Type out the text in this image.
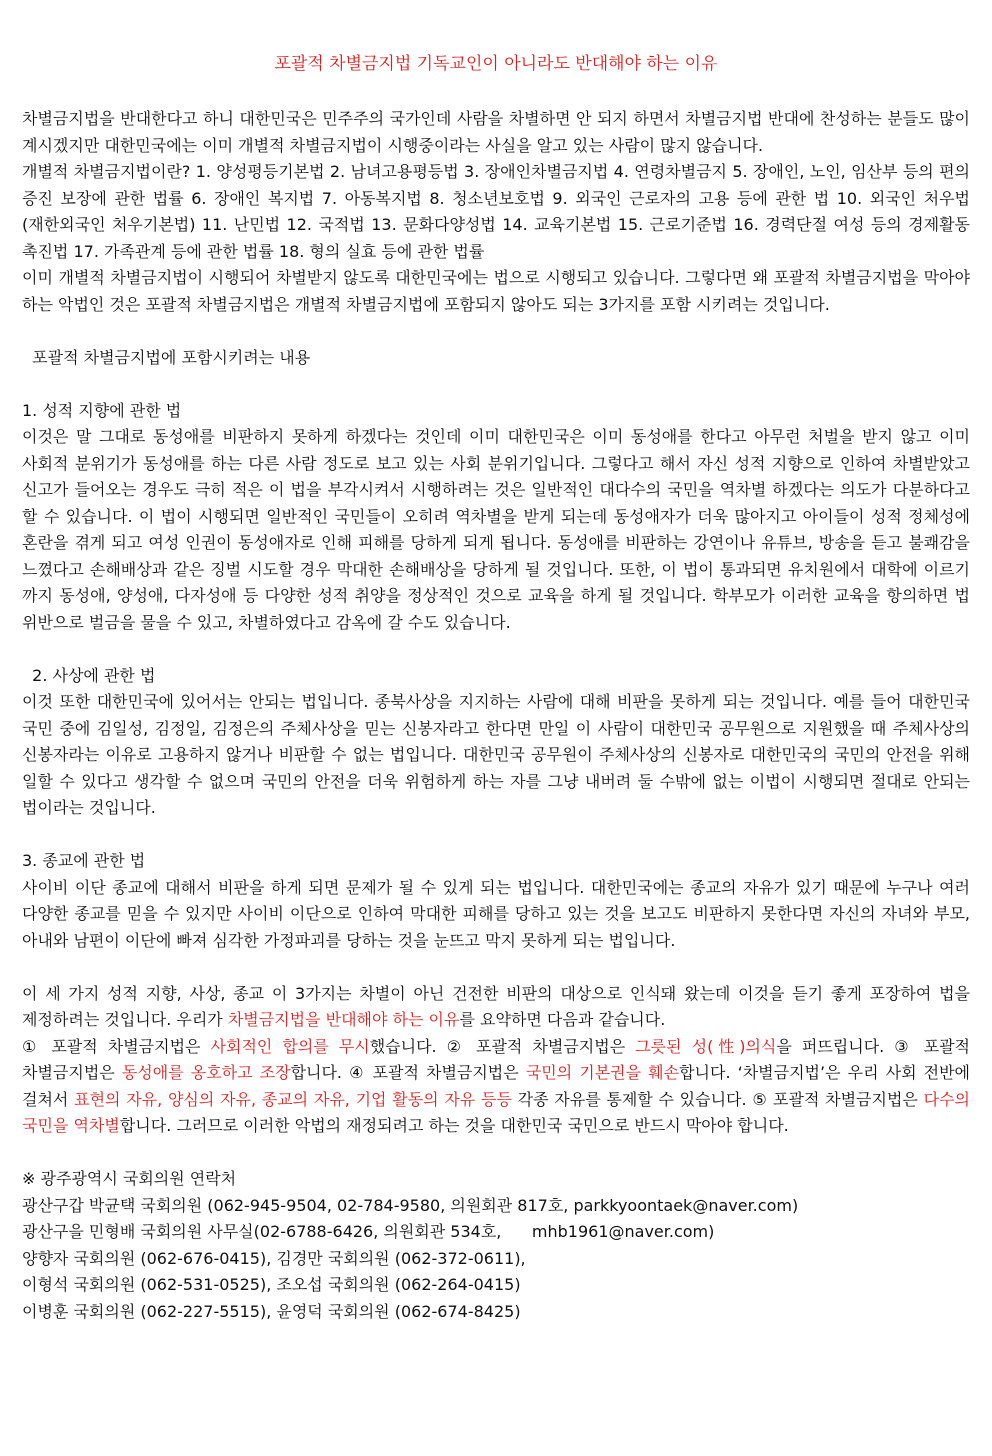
포괄적 차별금지법 기독교인이 아니라도 반대해야 하는 이유

차별금지법을 반대한다고 하니 대한민국은 민주주의 국가인데 사람을 차별하면 안 되지 하면서 차별금지법 반대에 찬성하는 분들도 많이 계시겠지만 대한민국에는 이미 개별적 차별금지법이 시행중이라는 사실을 알고 있는 사람이 많지 않습니다.

개별적 차별금지법이란? 1. 양성평등기본법 2. 남녀고용평등법 3. 장애인차별금지법 4. 연령차별금지 5. 장애인, 노인, 임산부 등의 편의 증진 보장에 관한 법률 6. 장애인 복지법 7. 아동복지법 8. 청소년보호법 9. 외국인 근로자의 고용 등에 관한 법 10. 외국인 처우법(재한외국인 처우기본법) 11. 난민법 12. 국적법 13. 문화다양성법 14. 교육기본법 15. 근로기준법 16. 경력단절 여성 등의 경제활동 촉진법 17. 가족관계 등에 관한 법률 18. 형의 실효 등에 관한 법률

이미 개별적 차별금지법이 시행되어 차별받지 않도록 대한민국에는 법으로 시행되고 있습니다. 그렇다면 왜 포괄적 차별금지법을 막아야 하는 악법인 것은 포괄적 차별금지법은 개별적 차별금지법에 포함되지 않아도 되는 3가지를 포함 시키려는 것입니다.

포괄적 차별금지법에 포함시키려는 내용

1. 성적 지향에 관한 법

이것은 말 그대로 동성애를 비판하지 못하게 하겠다는 것인데 이미 대한민국은 이미 동성애를 한다고 아무런 처벌을 받지 않고 이미 사회적 분위기가 동성애를 하는 다른 사람 정도로 보고 있는 사회 분위기입니다. 그렇다고 해서 자신 성적 지향으로 인하여 차별받았고 신고가 들어오는 경우도 극히 적은 이 법을 부각시켜서 시행하려는 것은 일반적인 대다수의 국민을 역차별 하겠다는 의도가 다분하다고 할 수 있습니다. 이 법이 시행되면 일반적인 국민들이 오히려 역차별을 받게 되는데 동성애자가 더욱 많아지고 아이들이 성적 정체성에 혼란을 겪게 되고 여성 인권이 동성애자로 인해 피해를 당하게 되게 됩니다. 동성애를 비판하는 강연이나 유튜브, 방송을 듣고 불쾌감을 느꼈다고 손해배상과 같은 징벌 시도할 경우 막대한 손해배상을 당하게 될 것입니다. 또한, 이 법이 통과되면 유치원에서 대학에 이르기 까지 동성애, 양성애, 다자성애 등 다양한 성적 취양을 정상적인 것으로 교육을 하게 될 것입니다. 학부모가 이러한 교육을 항의하면 법 위반으로 벌금을 물을 수 있고, 차별하였다고 감옥에 갈 수도 있습니다.

2. 사상에 관한 법

이것 또한 대한민국에 있어서는 안되는 법입니다. 종북사상을 지지하는 사람에 대해 비판을 못하게 되는 것입니다. 예를 들어 대한민국 국민 중에 김일성, 김정일, 김정은의 주체사상을 믿는 신봉자라고 한다면 만일 이 사람이 대한민국 공무원으로 지원했을 때 주체사상의 신봉자라는 이유로 고용하지 않거나 비판할 수 없는 법입니다. 대한민국 공무원이 주체사상의 신봉자로 대한민국의 국민의 안전을 위해 일할 수 있다고 생각할 수 없으며 국민의 안전을 더욱 위험하게 하는 자를 그냥 내버려 둘 수밖에 없는 이법이 시행되면 절대로 안되는 법이라는 것입니다.

3. 종교에 관한 법

사이비 이단 종교에 대해서 비판을 하게 되면 문제가 될 수 있게 되는 법입니다. 대한민국에는 종교의 자유가 있기 때문에 누구나 여러 다양한 종교를 믿을 수 있지만 사이비 이단으로 인하여 막대한 피해를 당하고 있는 것을 보고도 비판하지 못한다면 자신의 자녀와 부모, 아내와 남편이 이단에 빠져 심각한 가정파괴를 당하는 것을 눈뜨고 막지 못하게 되는 법입니다.

이 세 가지 성적 지향, 사상, 종교 이 3가지는 차별이 아닌 건전한 비판의 대상으로 인식돼 왔는데 이것을 듣기 좋게 포장하여 법을 제정하려는 것입니다. 우리가 차별금지법을 반대해야 하는 이유를 요약하면 다음과 같습니다.

① 포괄적 차별금지법은 사회적인 합의를 무시했습니다. ② 포괄적 차별금지법은 그릇된 성(性)의식을 퍼뜨립니다. ③ 포괄적 차별금지법은 동성애를 옹호하고 조장합니다. ④ 포괄적 차별금지법은 국민의 기본권을 훼손합니다. ‘차별금지법’은 우리 사회 전반에 걸쳐서 표현의 자유, 양심의 자유, 종교의 자유, 기업 활동의 자유 등등 각종 자유를 통제할 수 있습니다. ⑤ 포괄적 차별금지법은 다수의 국민을 역차별합니다. 그러므로 이러한 악법의 재정되려고 하는 것을 대한민국 국민으로 반드시 막아야 합니다.

※ 광주광역시 국회의원 연락처

광산구갑 박균택 국회의원 (062-945-9504, 02-784-9580, 의원회관 817호, parkkyoontaek@naver.com)

광산구을 민형배 국회의원 사무실(02-6788-6426, 의원회관 534호,      mhb1961@naver.com)

양향자 국회의원 (062-676-0415), 김경만 국회의원 (062-372-0611),

이형석 국회의원 (062-531-0525), 조오섭 국회의원 (062-264-0415)

이병훈 국회의원 (062-227-5515), 윤영덕 국회의원 (062-674-8425)
